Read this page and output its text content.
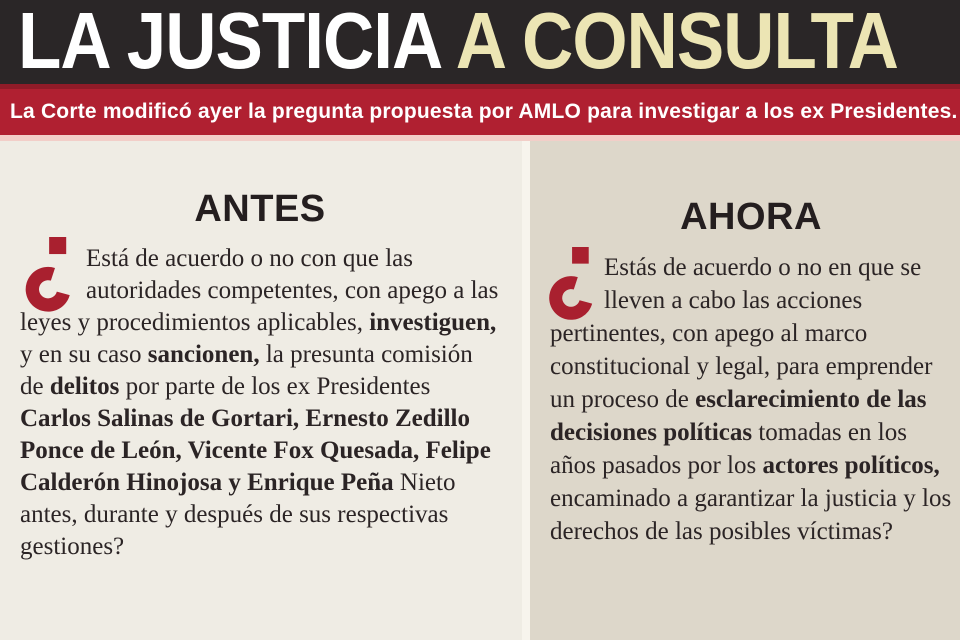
LA JUSTICIA A CONSULTA

La Corte modificó ayer la pregunta propuesta por AMLO para investigar a los ex Presidentes.

ANTES

Está de acuerdo o no con que las autoridades competentes, con apego a las leyes y procedimientos aplicables, investiguen, y en su caso sancionen, la presunta comisión de delitos por parte de los ex Presidentes Carlos Salinas de Gortari, Ernesto Zedillo Ponce de León, Vicente Fox Quesada, Felipe Calderón Hinojosa y Enrique Peña Nieto antes, durante y después de sus respectivas gestiones?

AHORA

Estás de acuerdo o no en que se lleven a cabo las acciones pertinentes, con apego al marco constitucional y legal, para emprender un proceso de esclarecimiento de las decisiones políticas tomadas en los años pasados por los actores políticos, encaminado a garantizar la justicia y los derechos de las posibles víctimas?
